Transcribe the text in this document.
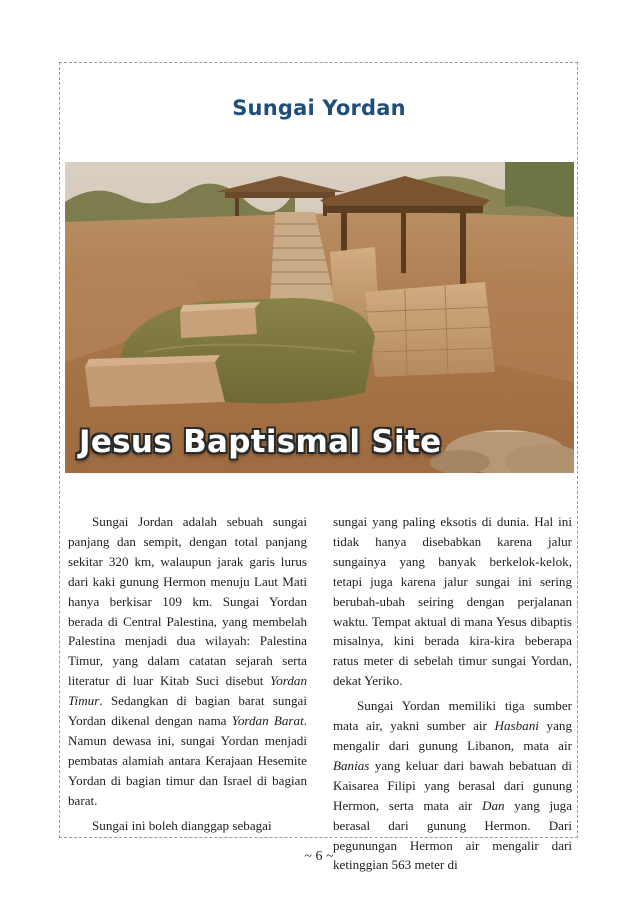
Sungai Yordan
Jesus Baptismal Site

Sungai Jordan adalah sebuah sungai panjang dan sempit, dengan total panjang sekitar 320 km, walaupun jarak garis lurus dari kaki gunung Hermon menuju Laut Mati hanya berkisar 109 km. Sungai Yordan berada di Central Palestina, yang membelah Palestina menjadi dua wilayah: Palestina Timur, yang dalam catatan sejarah serta literatur di luar Kitab Suci disebut Yordan Timur. Sedangkan di bagian barat sungai Yordan dikenal dengan nama Yordan Barat. Namun dewasa ini, sungai Yordan menjadi pembatas alamiah antara Kerajaan Hesemite Yordan di bagian timur dan Israel di bagian barat.

Sungai ini boleh dianggap sebagai

sungai yang paling eksotis di dunia. Hal ini tidak hanya disebabkan karena jalur sungainya yang banyak berkelok-kelok, tetapi juga karena jalur sungai ini sering berubah-ubah seiring dengan perjalanan waktu. Tempat aktual di mana Yesus dibaptis misalnya, kini berada kira-kira beberapa ratus meter di sebelah timur sungai Yordan, dekat Yeriko.

Sungai Yordan memiliki tiga sumber mata air, yakni sumber air Hasbani yang mengalir dari gunung Libanon, mata air Banias yang keluar dari bawah bebatuan di Kaisarea Filipi yang berasal dari gunung Hermon, serta mata air Dan yang juga berasal dari gunung Hermon. Dari pegunungan Hermon air mengalir dari ketinggian 563 meter di

~ 6 ~
